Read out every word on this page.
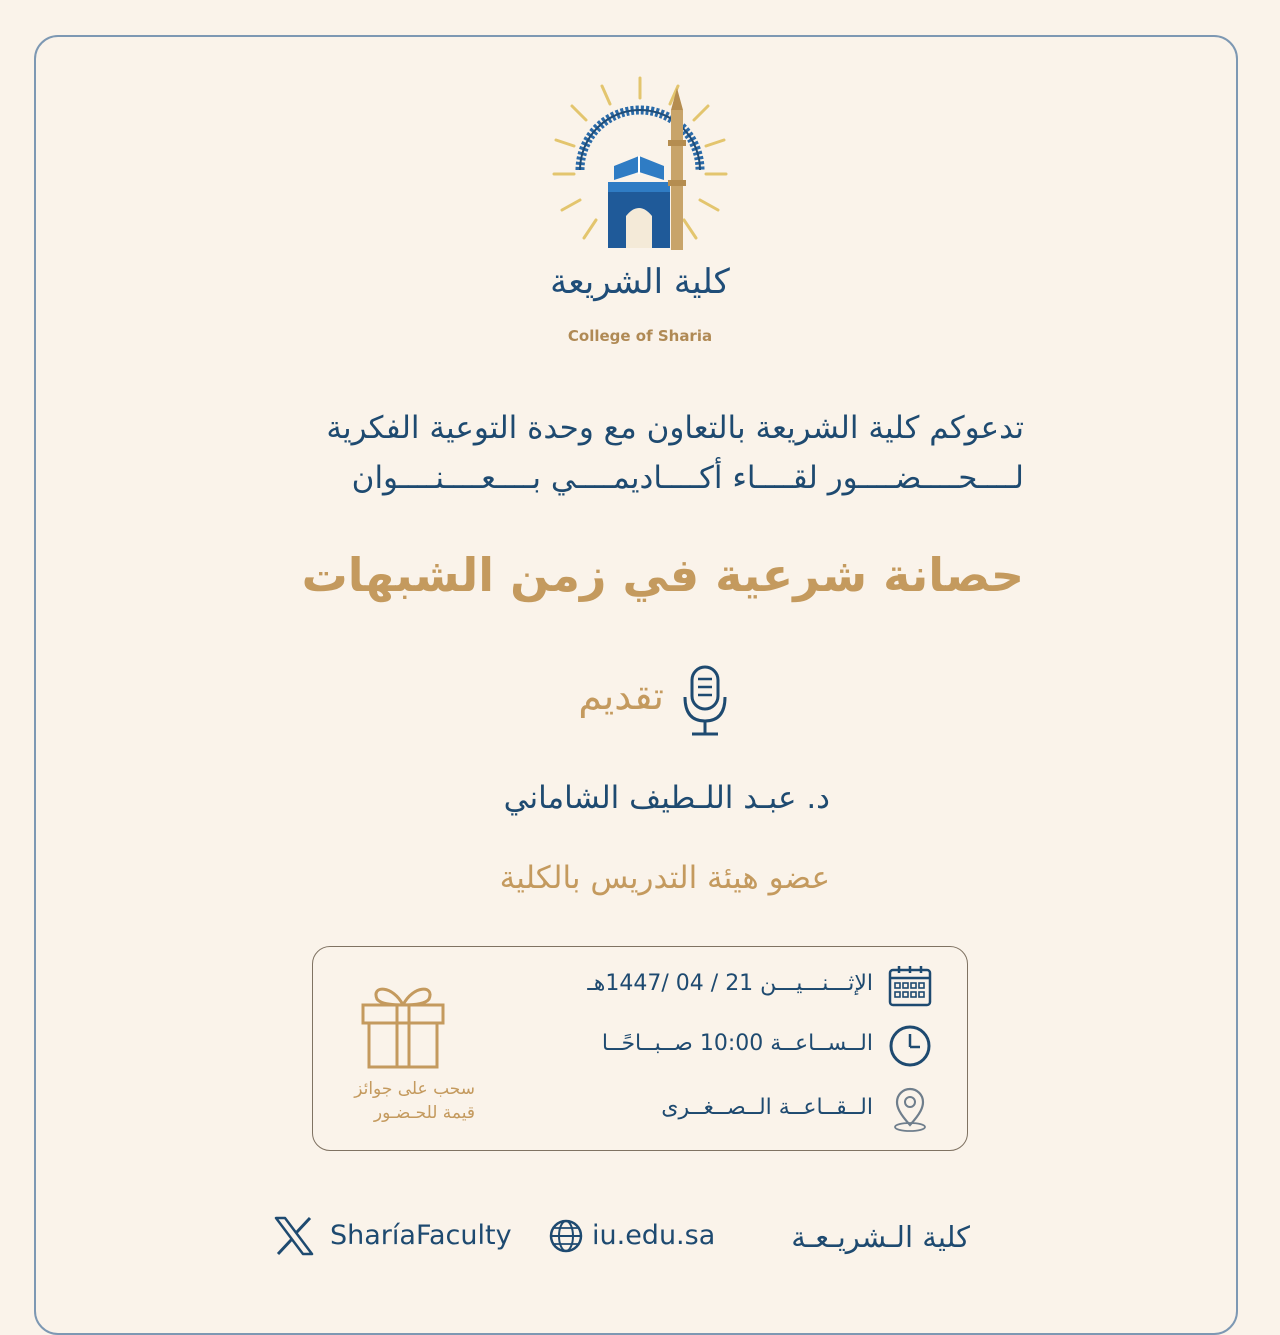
كلية الشريعة
College of Sharia
تدعوكم كلية الشريعة بالتعاون مع وحدة التوعية الفكرية
لــــحــــضــــور لقــــاء أكــــاديمــــي بــــعــــنــــوان
حصانة شرعية في زمن الشبهات
تقديم
د. عبـد اللـطيف الشاماني
عضو هيئة التدريس بالكلية
الإثـــنـــيـــن 21 / 04 /1447هـ
الــســاعــة 10:00 صــبــاحًــا
الــقــاعــة الــصــغــرى
سحب على جوائز
قيمة للحـضـور
SharíaFaculty	iu.edu.sa	كلية الـشريـعـة
